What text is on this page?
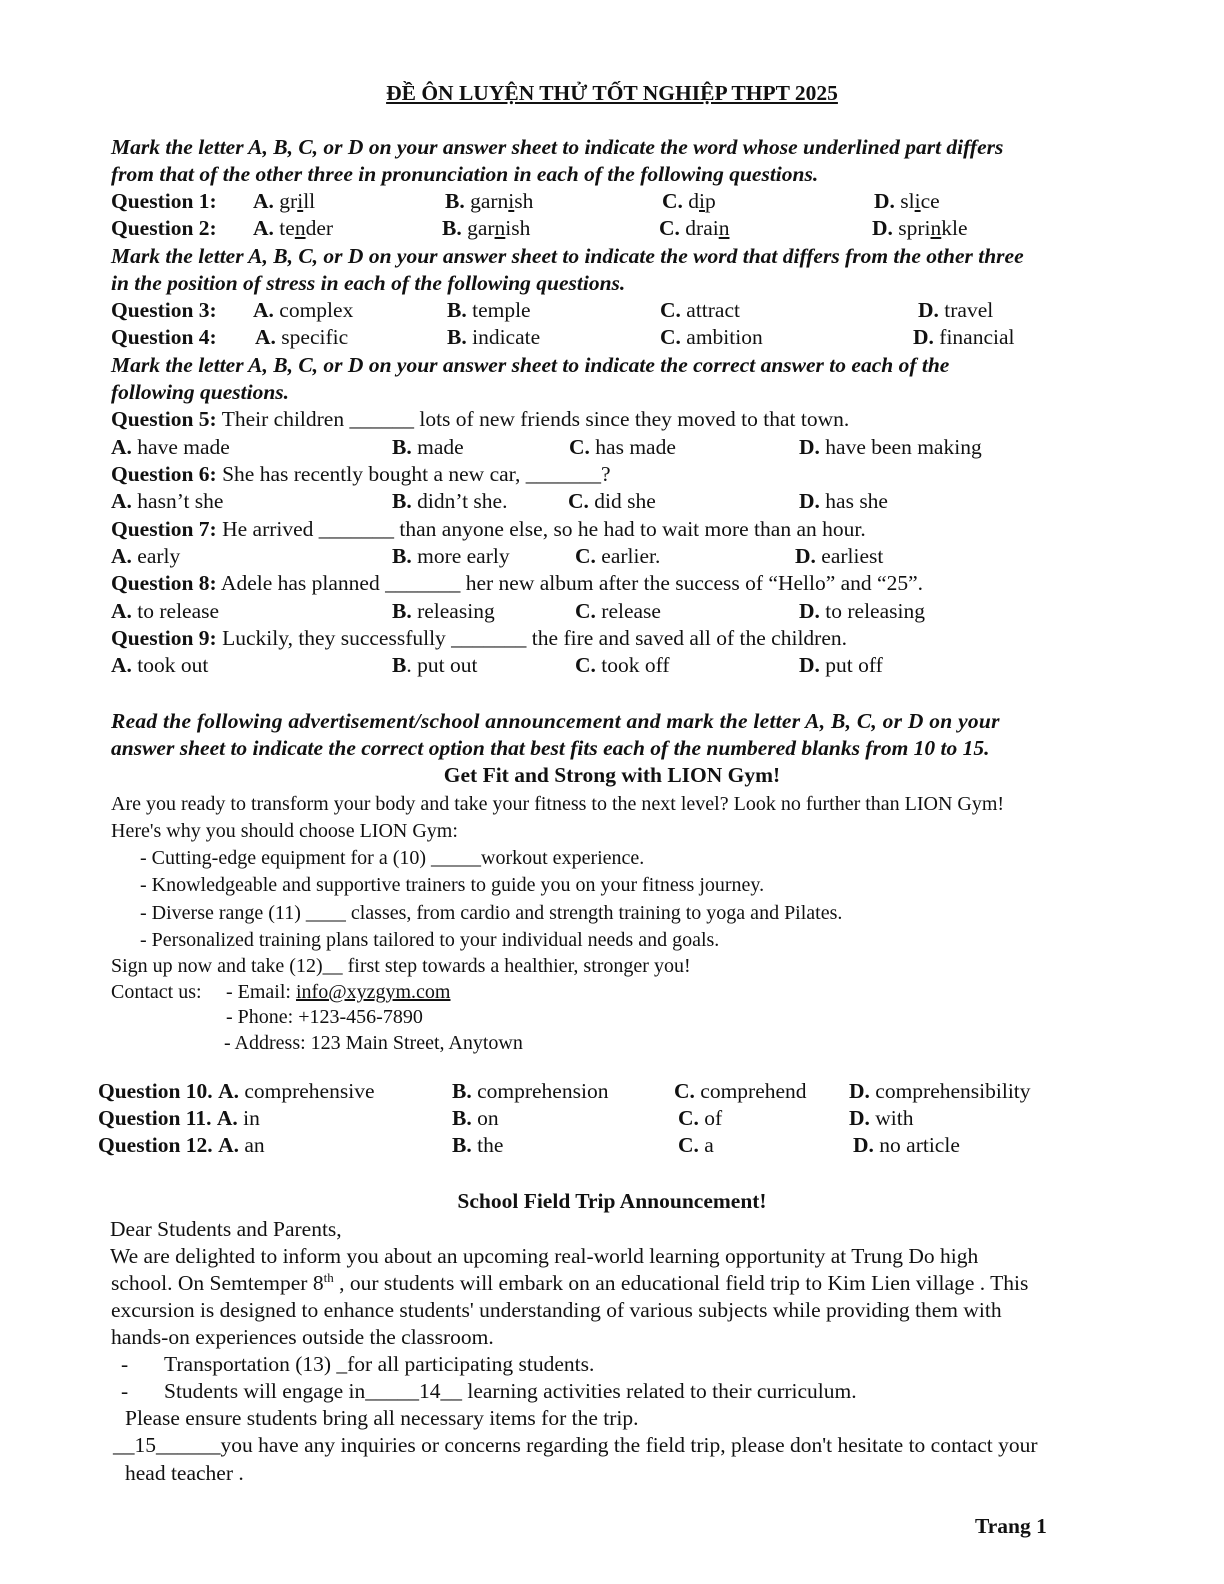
ĐỀ ÔN LUYỆN THỬ TỐT NGHIỆP THPT 2025
Mark the letter A, B, C, or D on your answer sheet to indicate the word whose underlined part differs
from that of the other three in pronunciation in each of the following questions.
Question 1: A. grill	B. garnish	C. dip	D. slice
Question 2: A. tender	B. garnish	C. drain	D. sprinkle
Mark the letter A, B, C, or D on your answer sheet to indicate the word that differs from the other three
in the position of stress in each of the following questions.
Question 3: A. complex	B. temple	C. attract	D. travel
Question 4: A. specific	B. indicate	C. ambition	D. financial
Mark the letter A, B, C, or D on your answer sheet to indicate the correct answer to each of the
following questions.
Question 5: Their children ______ lots of new friends since they moved to that town.
A. have made	B. made	C. has made	D. have been making
Question 6: She has recently bought a new car, _______?
A. hasn’t she	B. didn’t she.	C. did she	D. has she
Question 7: He arrived _______ than anyone else, so he had to wait more than an hour.
A. early	B. more early	C. earlier.	D. earliest
Question 8: Adele has planned _______ her new album after the success of “Hello” and “25”.
A. to release	B. releasing	C. release	D. to releasing
Question 9: Luckily, they successfully _______ the fire and saved all of the children.
A. took out	B. put out	C. took off	D. put off
Read the following advertisement/school announcement and mark the letter A, B, C, or D on your
answer sheet to indicate the correct option that best fits each of the numbered blanks from 10 to 15.
Get Fit and Strong with LION Gym!
Are you ready to transform your body and take your fitness to the next level? Look no further than LION Gym!
Here's why you should choose LION Gym:
- Cutting-edge equipment for a (10) _____workout experience.
- Knowledgeable and supportive trainers to guide you on your fitness journey.
- Diverse range (11) ____ classes, from cardio and strength training to yoga and Pilates.
- Personalized training plans tailored to your individual needs and goals.
Sign up now and take (12)__ first step towards a healthier, stronger you!
Contact us: - Email: info@xyzgym.com
- Phone: +123-456-7890
- Address: 123 Main Street, Anytown
Question 10. A. comprehensive	B. comprehension	C. comprehend D. comprehensibility
Question 11. A. in	B. on	C. of	D. with
Question 12. A. an	B. the	C. a	D. no article
School Field Trip Announcement!
Dear Students and Parents,
We are delighted to inform you about an upcoming real-world learning opportunity at Trung Do high
school. On Semtemper 8th , our students will embark on an educational field trip to Kim Lien village . This
excursion is designed to enhance students' understanding of various subjects while providing them with
hands-on experiences outside the classroom.
- Transportation (13) _for all participating students.
- Students will engage in_____14__ learning activities related to their curriculum.
Please ensure students bring all necessary items for the trip.
__15______you have any inquiries or concerns regarding the field trip, please don't hesitate to contact your
head teacher .
Trang 1
